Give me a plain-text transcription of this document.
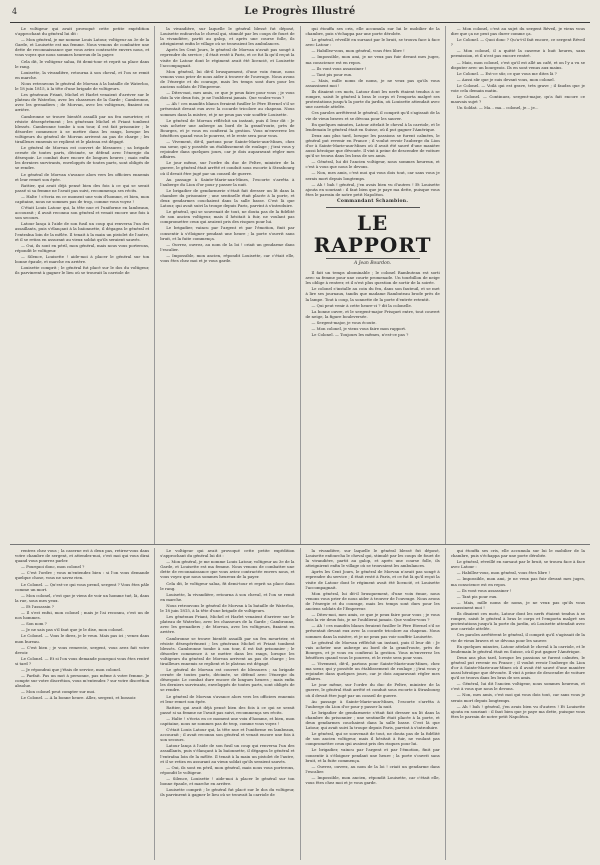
4	Le Progrès Illustré

Le voltigeur qui avait provoqué cette petite expédition s'approchant du général lui dit :

— Mon général, je me nomme Louis Latour, voltigeur au 3e de la Garde, et Louisette est ma femme. Nous venons de combattre une dette de reconnaissance que vous aviez contractée envers nous, et vous voyez que nous sommes heureux de la payer.

Cela dit, le voltigeur salua, fit demi-tour et reprit sa place dans le rang.

Louisette, la vivandière, retourna à son cheval, et l'on se remit en marche.

Nous retrouvons le général de Morvan à la bataille de Waterloo, le 18 juin 1815, à la tête d'une brigade de voltigeurs.

Les généraux Friant, Michel et Harlet venaient d'arriver sur le plateau de Waterloo, avec les chasseurs de la Garde ; Cambronne, avec les grenadiers ; de Morvan, avec les voltigeurs, fixaient en arrière.

Cambronne se trouve bientôt assailli par un feu meurtrier, et résiste désespérément ; les généraux Michel et Friant tombent blessés. Cambronne tombe à son tour, il est fait prisonnier ; le désordre commence à se mettre dans les rangs, lorsque les voltigeurs du général de Morvan arrivent au pas de charge ; les tirailleurs ennemis se replient et le plateau est dégagé.

Le général de Morvan est couvert de blessures ; sa brigade cernée de toutes parts, décimée, se défend avec l'énergie du désespoir. Le combat dure encore de longues heures ; mais enfin les derniers survivants, enveloppés de toutes parts, sont obligés de se rendre.

Le général de Morvan s'avance alors vers les officiers ennemis et leur remet son épée.

Rattier, qui avait déjà pensé bien des fois à ce qui se serait passé si sa femme ne l'avait pas suivi, recommença ses récits.

— Halte ! s'écria en ce moment une voix d'homme, et bien, mon capitaine, nous ne sommes pas de trop, comme vous voyez !

C'était Louis Latour qui, la tête nue et l'uniforme en lambeaux, accourait ; il avait reconnu son général et venait encore une fois à son secours.

Latour lança à l'aide de son fusil un coup qui renversa l'un des assaillants, puis s'élançant à la baïonnette, il dégagea le général et l'entraîna loin de la mêlée. Il tenait à la main un pistolet de l'autre, et il se retira en assurant au vieux soldat qu'ils seraient sauvés.

— Oui, ils sont en péril, mon général, mais nous vous porterons, répondit le voltigeur.

— Silence, Louisette ! aide-moi à placer le général sur ton bonne épaule, et marche en arrière.

Louisette comprit ; le général fut placé sur le dos du voltigeur, ils parvinrent à gagner le lieu où se trouvait la carriole de

la vivandière, sur laquelle le général blessé fut déposé, Louisette enfourcha le cheval qui, stimulé par les coups de fouet de la vivandière, partit au galop, et après une course folle, ils atteignirent enfin le village où se trouvaient les ambulances.

Après les Cent Jours, le général de Morvan n'avait pas songé à reprendre du service ; il était resté à Paris, et ce fut là qu'il reçut la visite de Latour dont le régiment avait été licencié, et Louisette l'accompagnait.

Mon général, lui dit-il brusquement, d'une voix émue, nous venons vous prier de nous aider à trouver de l'ouvrage. Nous avons de l'énergie et du courage, mais les temps sont durs pour les anciens soldats de l'Empereur.

— Dites-moi, mes amis, ce que je peux faire pour vous ; je vous dois la vie deux fois, je ne l'oublierai jamais. Que voulez-vous ?

— Ah ! ces maudits blancs feraient fusiller le Père Eternel s'il se présentait devant eux avec la cocarde tricolore au chapeau. Nous sommes dans la misère, et je ne peux pas voir souffrir Louisette.

Le général de Morvan réfléchit un instant, puis il leur dit : Je vais acheter une auberge au bord de la grand'route, près de Bourges, et je vous en confierai la gestion. Vous m'enverrez les bénéfices quand vous le pourrez, et le reste sera pour vous.

— Vivement, dit-il, partons pour Sainte-Marie-aux-Mines, chez ma sœur, qui y possède un établissement de roulage ; j'irai vous y rejoindre dans quelques jours, car je dois auparavant régler mes affaires.

Le jour même, sur l'ordre du duc de Feltre, ministre de la guerre, le général était arrêté et conduit sous escorte à Strasbourg où il devait être jugé par un conseil de guerre.

Au passage à Sainte-Marie-aux-Mines, l'escorte s'arrêta à l'auberge du Lion d'or pour y passer la nuit.

Le brigadier de gendarmerie s'était fait dresser un lit dans la chambre du prisonnier ; une sentinelle était placée à la porte, et deux gendarmes couchaient dans la salle basse. C'est là que Latour, qui avait suivi la troupe depuis Paris, parvint à s'introduire.

Le général, qui se souvenait de tout, ne douta pas de la fidélité de son ancien voltigeur, mais il hésitait à fuir, ne voulant pas compromettre ceux qui avaient pris des risques pour lui.

Le brigadier, vaincu par l'argent et par l'émotion, finit par consentir à s'éloigner pendant une heure ; la porte s'ouvrit sans bruit, et la fuite commença.

— Ouvrez, ouvrez, au nom de la loi ! criait un gendarme dans l'escalier.

— Impossible, mon ancien, répondit Louisette, car c'était elle, vous êtes chez moi et je vous garde.

qui étouffa ses cris, elle accumula sur lui le mobilier de la chambre, puis s'échappa par une porte dérobée.

Le général, réveillé en sursaut par le bruit, se trouva face à face avec Latour :

— Habillez-vous, mon général, vous êtes libre !

— Impossible, mon ami, je ne veux pas fuir devant mes juges, ma conscience est en repos.

— Ils vont vous assassiner !

— Tant pis pour eux.

— Mais, mille noms de noms, je ne veux pas qu'ils vous assassinent moi !

Ils disaient ces mots, Latour dont les nerfs étaient tendus à se rompre, saisit le général à bras le corps et l'emporta malgré ses protestations jusqu'à la porte du jardin, où Louisette attendait avec une carriole attelée.

Ces paroles arrêtèrent le général, il comprit qu'il s'agissait de la vie de vieux braves et se dévoua pour les sauver.

En quelques minutes, Latour attelait le cheval à la carriole, et le lendemain le général était en Suisse, où il put gagner l'Amérique.

Deux ans plus tard, lorsque les passions se furent calmées, le général put revenir en France ; il voulut revoir l'auberge du Lion d'or à Sainte-Marie-aux-Mines où il avait été sauvé d'une manière aussi héroïque que dévouée. Il vint à peine de descendre de voiture qu'il se trouva dans les bras de ses amis.

— Général, lui dit l'ancien voltigeur, nous sommes heureux, et c'est à vous que nous le devons.

— Non, mes amis, c'est moi qui vous dois tout, car sans vous je serais mort depuis longtemps.

— Ah ! bah ! général, j'en avais bien vu d'autres ! Et Louisette ajouta en souriant : il faut bien que je paye ma dette, puisque vous êtes le parrain de notre petit Napoléon.

Commandant Schambion.
LE RAPPORT
A Jean Bourdon.

Il fait un temps abominable ; le colonel Rambuteau est sorti avec sa femme pour une courte promenade. Un tourbillon de neige les oblige à rentrer, et il n'est plus question de sortir de la soirée.

Le colonel s'installe au coin du feu, dans son fauteuil, et se met à lire ses journaux, tandis que madame Rambuteau brode près de la lampe. Tout à coup, la sonnette de la porte d'entrée retentit.

— Qui peut venir à cette heure-ci ? dit la colonelle.

La bonne ouvre, et le sergent-major Frisquet entre, tout couvert de neige, la figure bouleversée.

— Sergent-major, je vous écoute.

— Mon colonel, je viens vous faire mon rapport.

Le Colonel. — Toujours les mêmes, n'est-ce pas ?

— Mon colonel, c'est au sujet du sergent Réveil, je viens vous dire que ça ne peut pas durer comme ça.

Le Colonel. — Quoi donc ? Qu'a-t-il fait encore, ce sergent Réveil ?

— Mon colonel, il a quitté la caserne à huit heures, sans permission, et il n'est pas encore rentré.

— Mais, mon colonel, c'est qu'il est allé au café, et on l'y a vu se disputer avec un bourgeois. Ils en sont venus aux mains.

Le Colonel. — Est-ce sûr, ce que vous me dites là ?

— Aussi sûr que je suis devant vous, mon colonel.

Le Colonel. — Voilà qui est grave, très grave ; il faudra que je voie cela demain matin.

Le Colonel. — Continuez, sergent-major, qu'a fait encore ce mauvais sujet ?

Un Soldat. — Ma... ma... colonel, je... je...

rentrez chez vous ; la caserne est à deux pas, retirez-vous dans votre chambre de sergent, et attendez-moi, c'est moi qui vous dirai quand vous pourrez parler.

— Pourquoi donc, mon colonel ?

— C'est l'ordre ; vous m'entendez bien : si l'on vous demande quelque chose, vous ne savez rien.

Le Colonel. — Qu'est-ce qui vous prend, sergent ? Vous êtes pâle comme un mort.

— Mon colonel, c'est que je viens de voir un homme tué, là, dans la rue, sous mes yeux.

— Et l'assassin ?

— Il s'est enfui, mon colonel ; mais je l'ai reconnu, c'est un de nos hommes.

— Son nom ?

— Je ne sais pas s'il faut que je le dise, mon colonel.

Le Colonel. — Vous le direz, je le veux. Mais pas ici ; venez dans mon bureau.

— C'est bien ; je vous remercie, sergent, vous avez fait votre devoir.

Le Colonel. — Et si l'on vous demande pourquoi vous êtes rentré si tard ?

— Je répondrai que j'étais de service, mon colonel.

— Parfait. Pas un mot à personne, pas même à votre femme. Je compte sur votre discrétion, vous m'entendez ? sur votre discrétion absolue.

— Mon colonel peut compter sur moi.

Le Colonel. — A la bonne heure. Allez, sergent, et bonsoir.

Le voltigeur qui avait provoqué cette petite expédition s'approchant du général lui dit :

— Mon général, je me nomme Louis Latour, voltigeur au 3e de la Garde, et Louisette est ma femme. Nous venons de combattre une dette de reconnaissance que vous aviez contractée envers nous, et vous voyez que nous sommes heureux de la payer.

Cela dit, le voltigeur salua, fit demi-tour et reprit sa place dans le rang.

Louisette, la vivandière, retourna à son cheval, et l'on se remit en marche.

Nous retrouvons le général de Morvan à la bataille de Waterloo, le 18 juin 1815, à la tête d'une brigade de voltigeurs.

Les généraux Friant, Michel et Harlet venaient d'arriver sur le plateau de Waterloo, avec les chasseurs de la Garde ; Cambronne, avec les grenadiers ; de Morvan, avec les voltigeurs, fixaient en arrière.

Cambronne se trouve bientôt assailli par un feu meurtrier, et résiste désespérément ; les généraux Michel et Friant tombent blessés. Cambronne tombe à son tour, il est fait prisonnier ; le désordre commence à se mettre dans les rangs, lorsque les voltigeurs du général de Morvan arrivent au pas de charge ; les tirailleurs ennemis se replient et le plateau est dégagé.

Le général de Morvan est couvert de blessures ; sa brigade cernée de toutes parts, décimée, se défend avec l'énergie du désespoir. Le combat dure encore de longues heures ; mais enfin les derniers survivants, enveloppés de toutes parts, sont obligés de se rendre.

Le général de Morvan s'avance alors vers les officiers ennemis et leur remet son épée.

Rattier, qui avait déjà pensé bien des fois à ce qui se serait passé si sa femme ne l'avait pas suivi, recommença ses récits.

— Halte ! s'écria en ce moment une voix d'homme, et bien, mon capitaine, nous ne sommes pas de trop, comme vous voyez !

C'était Louis Latour qui, la tête nue et l'uniforme en lambeaux, accourait ; il avait reconnu son général et venait encore une fois à son secours.

Latour lança à l'aide de son fusil un coup qui renversa l'un des assaillants, puis s'élançant à la baïonnette, il dégagea le général et l'entraîna loin de la mêlée. Il tenait à la main un pistolet de l'autre, et il se retira en assurant au vieux soldat qu'ils seraient sauvés.

— Oui, ils sont en péril, mon général, mais nous vous porterons, répondit le voltigeur.

— Silence, Louisette ! aide-moi à placer le général sur ton bonne épaule, et marche en arrière.

Louisette comprit ; le général fut placé sur le dos du voltigeur, ils parvinrent à gagner le lieu où se trouvait la carriole de

la vivandière, sur laquelle le général blessé fut déposé, Louisette enfourcha le cheval qui, stimulé par les coups de fouet de la vivandière, partit au galop, et après une course folle, ils atteignirent enfin le village où se trouvaient les ambulances.

Après les Cent Jours, le général de Morvan n'avait pas songé à reprendre du service ; il était resté à Paris, et ce fut là qu'il reçut la visite de Latour dont le régiment avait été licencié, et Louisette l'accompagnait.

Mon général, lui dit-il brusquement, d'une voix émue, nous venons vous prier de nous aider à trouver de l'ouvrage. Nous avons de l'énergie et du courage, mais les temps sont durs pour les anciens soldats de l'Empereur.

— Dites-moi, mes amis, ce que je peux faire pour vous ; je vous dois la vie deux fois, je ne l'oublierai jamais. Que voulez-vous ?

— Ah ! ces maudits blancs feraient fusiller le Père Eternel s'il se présentait devant eux avec la cocarde tricolore au chapeau. Nous sommes dans la misère, et je ne peux pas voir souffrir Louisette.

Le général de Morvan réfléchit un instant, puis il leur dit : Je vais acheter une auberge au bord de la grand'route, près de Bourges, et je vous en confierai la gestion. Vous m'enverrez les bénéfices quand vous le pourrez, et le reste sera pour vous.

— Vivement, dit-il, partons pour Sainte-Marie-aux-Mines, chez ma sœur, qui y possède un établissement de roulage ; j'irai vous y rejoindre dans quelques jours, car je dois auparavant régler mes affaires.

Le jour même, sur l'ordre du duc de Feltre, ministre de la guerre, le général était arrêté et conduit sous escorte à Strasbourg où il devait être jugé par un conseil de guerre.

Au passage à Sainte-Marie-aux-Mines, l'escorte s'arrêta à l'auberge du Lion d'or pour y passer la nuit.

Le brigadier de gendarmerie s'était fait dresser un lit dans la chambre du prisonnier ; une sentinelle était placée à la porte, et deux gendarmes couchaient dans la salle basse. C'est là que Latour, qui avait suivi la troupe depuis Paris, parvint à s'introduire.

Le général, qui se souvenait de tout, ne douta pas de la fidélité de son ancien voltigeur, mais il hésitait à fuir, ne voulant pas compromettre ceux qui avaient pris des risques pour lui.

Le brigadier, vaincu par l'argent et par l'émotion, finit par consentir à s'éloigner pendant une heure ; la porte s'ouvrit sans bruit, et la fuite commença.

— Ouvrez, ouvrez, au nom de la loi ! criait un gendarme dans l'escalier.

— Impossible, mon ancien, répondit Louisette, car c'était elle, vous êtes chez moi et je vous garde.

qui étouffa ses cris, elle accumula sur lui le mobilier de la chambre, puis s'échappa par une porte dérobée.

Le général, réveillé en sursaut par le bruit, se trouva face à face avec Latour :

— Habillez-vous, mon général, vous êtes libre !

— Impossible, mon ami, je ne veux pas fuir devant mes juges, ma conscience est en repos.

— Ils vont vous assassiner !

— Tant pis pour eux.

— Mais, mille noms de noms, je ne veux pas qu'ils vous assassinent moi !

Ils disaient ces mots, Latour dont les nerfs étaient tendus à se rompre, saisit le général à bras le corps et l'emporta malgré ses protestations jusqu'à la porte du jardin, où Louisette attendait avec une carriole attelée.

Ces paroles arrêtèrent le général, il comprit qu'il s'agissait de la vie de vieux braves et se dévoua pour les sauver.

En quelques minutes, Latour attelait le cheval à la carriole, et le lendemain le général était en Suisse, où il put gagner l'Amérique.

Deux ans plus tard, lorsque les passions se furent calmées, le général put revenir en France ; il voulut revoir l'auberge du Lion d'or à Sainte-Marie-aux-Mines où il avait été sauvé d'une manière aussi héroïque que dévouée. Il vint à peine de descendre de voiture qu'il se trouva dans les bras de ses amis.

— Général, lui dit l'ancien voltigeur, nous sommes heureux, et c'est à vous que nous le devons.

— Non, mes amis, c'est moi qui vous dois tout, car sans vous je serais mort depuis longtemps.

— Ah ! bah ! général, j'en avais bien vu d'autres ! Et Louisette ajouta en souriant : il faut bien que je paye ma dette, puisque vous êtes le parrain de notre petit Napoléon.
